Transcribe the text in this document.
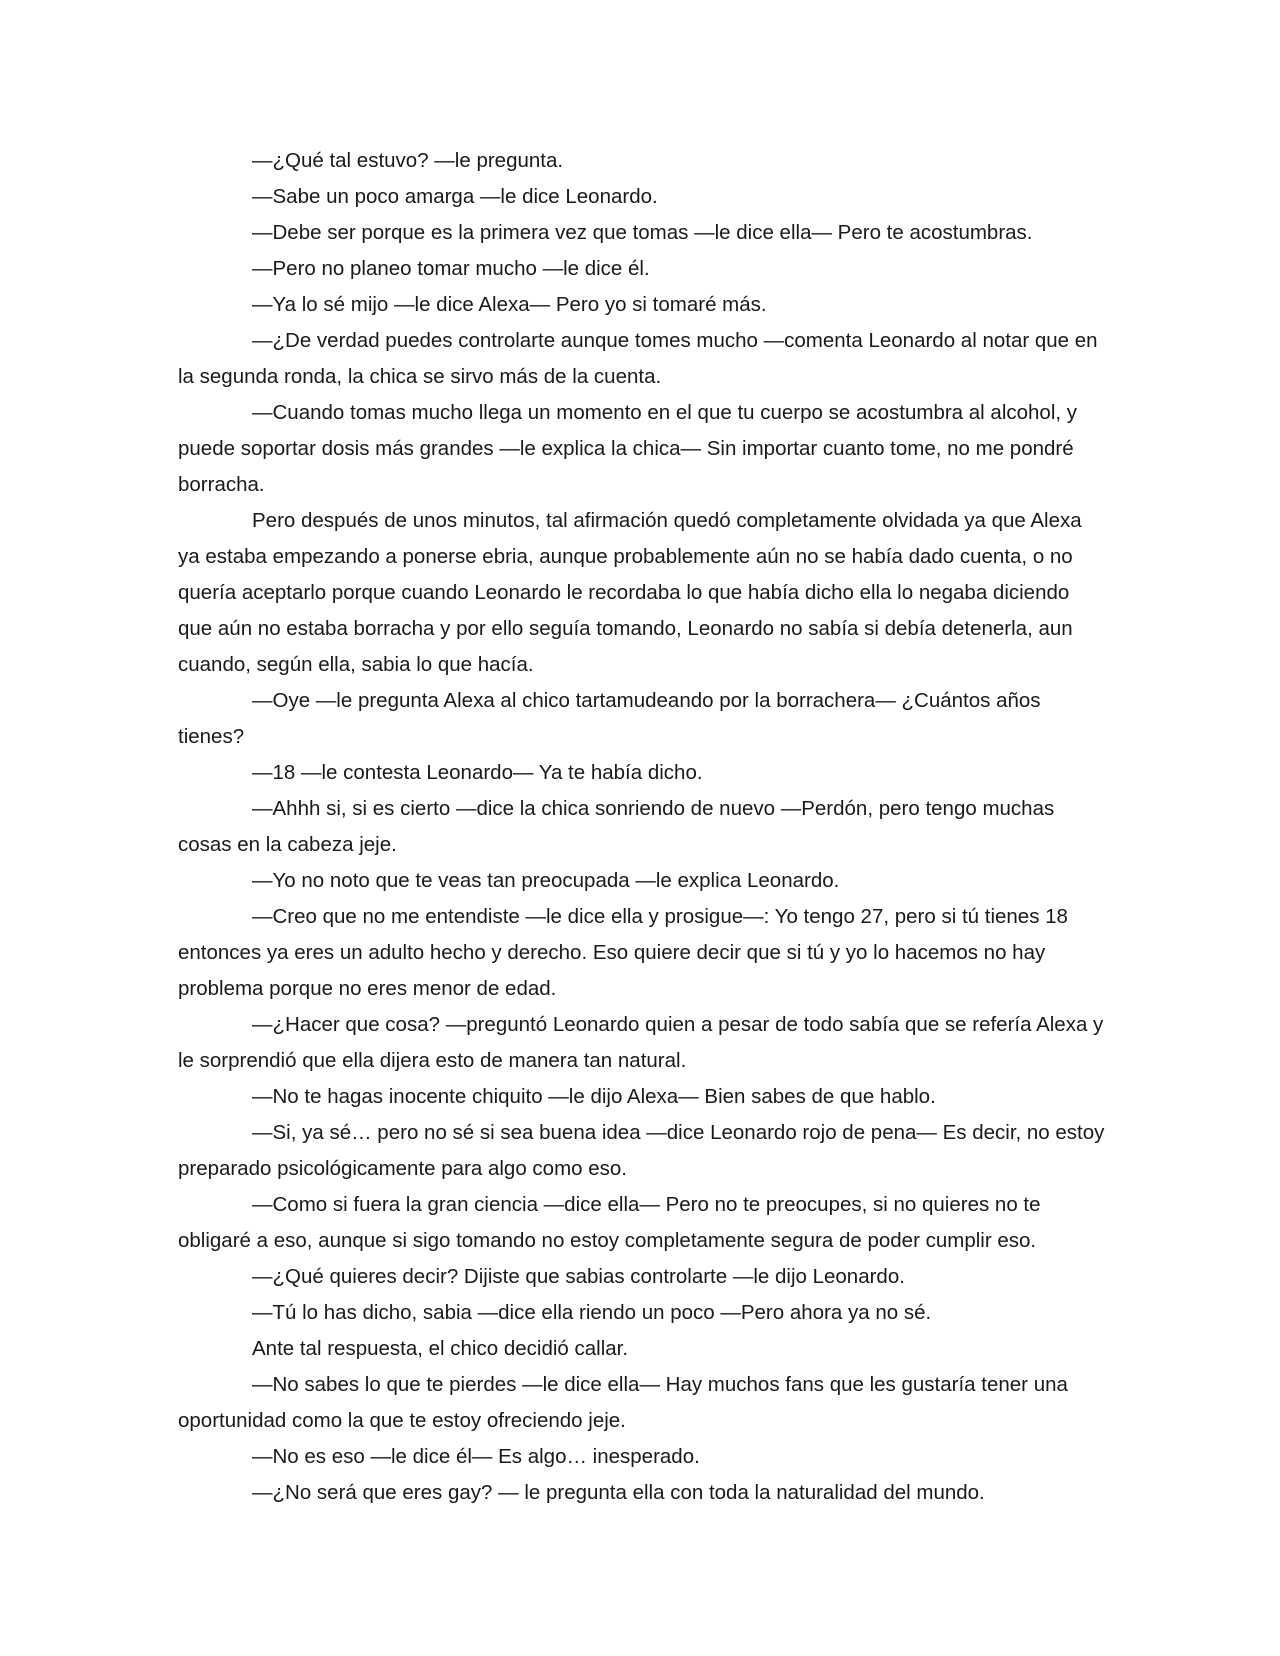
—¿Qué tal estuvo? —le pregunta.

—Sabe un poco amarga —le dice Leonardo.

—Debe ser porque es la primera vez que tomas —le dice ella— Pero te acostumbras.

—Pero no planeo tomar mucho —le dice él.

—Ya lo sé mijo —le dice Alexa— Pero yo si tomaré más.

—¿De verdad puedes controlarte aunque tomes mucho —comenta Leonardo al notar que en la segunda ronda, la chica se sirvo más de la cuenta.

—Cuando tomas mucho llega un momento en el que tu cuerpo se acostumbra al alcohol, y puede soportar dosis más grandes —le explica la chica— Sin importar cuanto tome, no me pondré borracha.

Pero después de unos minutos, tal afirmación quedó completamente olvidada ya que Alexa ya estaba empezando a ponerse ebria, aunque probablemente aún no se había dado cuenta, o no quería aceptarlo porque cuando Leonardo le recordaba lo que había dicho ella lo negaba diciendo que aún no estaba borracha y por ello seguía tomando, Leonardo no sabía si debía detenerla, aun cuando, según ella, sabia lo que hacía.

—Oye —le pregunta Alexa al chico tartamudeando por la borrachera— ¿Cuántos años tienes?

—18 —le contesta Leonardo— Ya te había dicho.

—Ahhh si, si es cierto —dice la chica sonriendo de nuevo —Perdón, pero tengo muchas cosas en la cabeza jeje.

—Yo no noto que te veas tan preocupada —le explica Leonardo.

—Creo que no me entendiste —le dice ella y prosigue—: Yo tengo 27, pero si tú tienes 18 entonces ya eres un adulto hecho y derecho. Eso quiere decir que si tú y yo lo hacemos no hay problema porque no eres menor de edad.

—¿Hacer que cosa? —preguntó Leonardo quien a pesar de todo sabía que se refería Alexa y le sorprendió que ella dijera esto de manera tan natural.

—No te hagas inocente chiquito —le dijo Alexa— Bien sabes de que hablo.

—Si, ya sé… pero no sé si sea buena idea —dice Leonardo rojo de pena— Es decir, no estoy preparado psicológicamente para algo como eso.

—Como si fuera la gran ciencia —dice ella— Pero no te preocupes, si no quieres no te obligaré a eso, aunque si sigo tomando no estoy completamente segura de poder cumplir eso.

—¿Qué quieres decir? Dijiste que sabias controlarte —le dijo Leonardo.

—Tú lo has dicho, sabia —dice ella riendo un poco —Pero ahora ya no sé.

Ante tal respuesta, el chico decidió callar.

—No sabes lo que te pierdes —le dice ella— Hay muchos fans que les gustaría tener una oportunidad como la que te estoy ofreciendo jeje.

—No es eso —le dice él— Es algo… inesperado.

—¿No será que eres gay? — le pregunta ella con toda la naturalidad del mundo.
